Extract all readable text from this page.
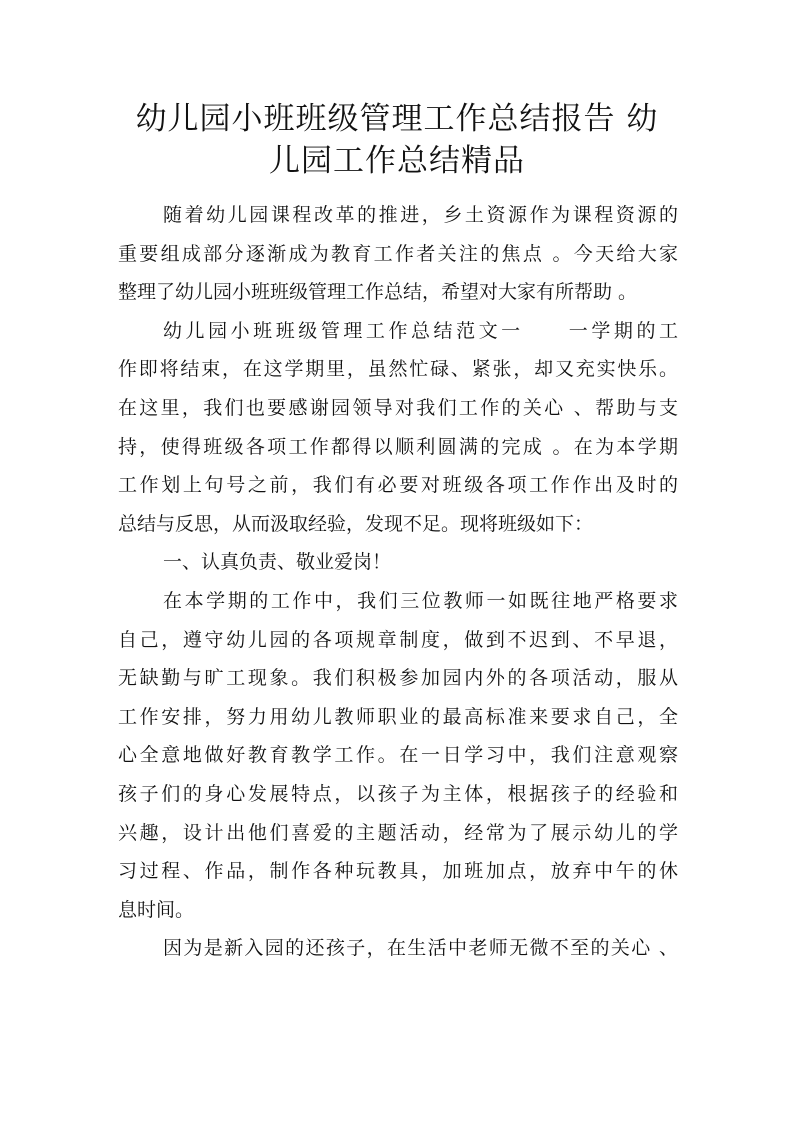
幼儿园小班班级管理工作总结报告 幼
儿园工作总结精品
随着幼儿园课程改革的推进，乡土资源作为课程资源的
重要组成部分逐渐成为教育工作者关注的焦点 。今天给大家
整理了幼儿园小班班级管理工作总结，希望对大家有所帮助 。
幼儿园小班班级管理工作总结范文一　　一学期的工
作即将结束，在这学期里，虽然忙碌、紧张，却又充实快乐。
在这里，我们也要感谢园领导对我们工作的关心 、帮助与支
持，使得班级各项工作都得以顺利圆满的完成 。在为本学期
工作划上句号之前，我们有必要对班级各项工作作出及时的
总结与反思，从而汲取经验，发现不足。现将班级如下：
一、认真负责、敬业爱岗！
在本学期的工作中，我们三位教师一如既往地严格要求
自己，遵守幼儿园的各项规章制度，做到不迟到、不早退，
无缺勤与旷工现象。我们积极参加园内外的各项活动，服从
工作安排，努力用幼儿教师职业的最高标准来要求自己，全
心全意地做好教育教学工作。在一日学习中，我们注意观察
孩子们的身心发展特点，以孩子为主体，根据孩子的经验和
兴趣，设计出他们喜爱的主题活动，经常为了展示幼儿的学
习过程、作品，制作各种玩教具，加班加点，放弃中午的休
息时间。
因为是新入园的还孩子，在生活中老师无微不至的关心 、
